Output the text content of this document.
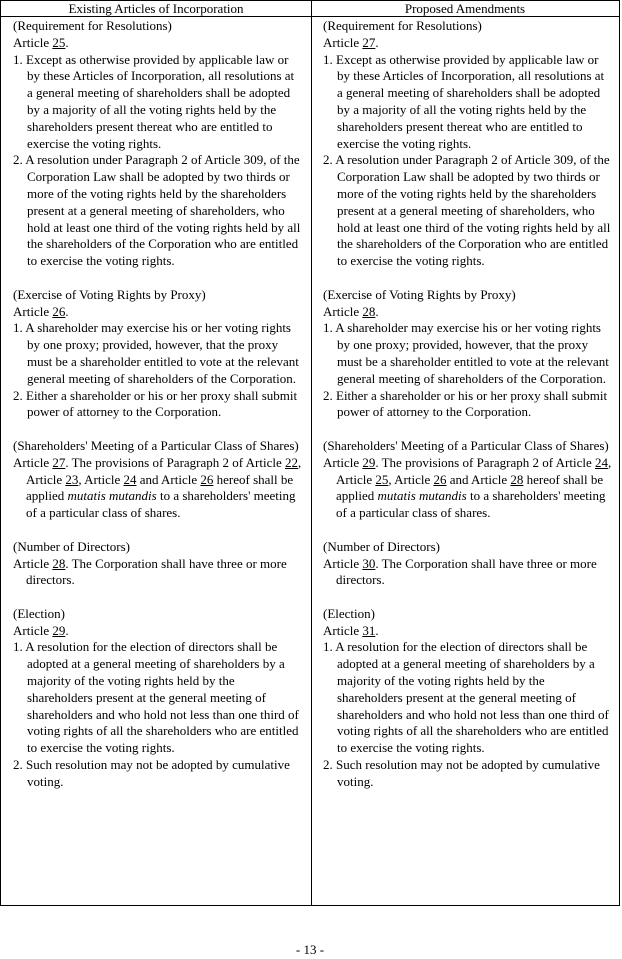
Existing Articles of Incorporation	Proposed Amendments
(Requirement for Resolutions)
Article 25.
1. Except as otherwise provided by applicable law or by these Articles of Incorporation, all resolutions at a general meeting of shareholders shall be adopted by a majority of all the voting rights held by the shareholders present thereat who are entitled to exercise the voting rights.
2. A resolution under Paragraph 2 of Article 309, of the Corporation Law shall be adopted by two thirds or more of the voting rights held by the shareholders present at a general meeting of shareholders, who hold at least one third of the voting rights held by all the shareholders of the Corporation who are entitled to exercise the voting rights.
(Exercise of Voting Rights by Proxy)
Article 26.
1. A shareholder may exercise his or her voting rights by one proxy; provided, however, that the proxy must be a shareholder entitled to vote at the relevant general meeting of shareholders of the Corporation.
2. Either a shareholder or his or her proxy shall submit power of attorney to the Corporation.
(Shareholders' Meeting of a Particular Class of Shares)
Article 27. The provisions of Paragraph 2 of Article 22, Article 23, Article 24 and Article 26 hereof shall be applied mutatis mutandis to a shareholders' meeting of a particular class of shares.
(Number of Directors)
Article 28. The Corporation shall have three or more directors.
(Election)
Article 29.
1. A resolution for the election of directors shall be adopted at a general meeting of shareholders by a majority of the voting rights held by the shareholders present at the general meeting of shareholders and who hold not less than one third of voting rights of all the shareholders who are entitled to exercise the voting rights.
2. Such resolution may not be adopted by cumulative voting.
(Requirement for Resolutions)
Article 27.
1. Except as otherwise provided by applicable law or by these Articles of Incorporation, all resolutions at a general meeting of shareholders shall be adopted by a majority of all the voting rights held by the shareholders present thereat who are entitled to exercise the voting rights.
2. A resolution under Paragraph 2 of Article 309, of the Corporation Law shall be adopted by two thirds or more of the voting rights held by the shareholders present at a general meeting of shareholders, who hold at least one third of the voting rights held by all the shareholders of the Corporation who are entitled to exercise the voting rights.
(Exercise of Voting Rights by Proxy)
Article 28.
1. A shareholder may exercise his or her voting rights by one proxy; provided, however, that the proxy must be a shareholder entitled to vote at the relevant general meeting of shareholders of the Corporation.
2. Either a shareholder or his or her proxy shall submit power of attorney to the Corporation.
(Shareholders' Meeting of a Particular Class of Shares)
Article 29. The provisions of Paragraph 2 of Article 24, Article 25, Article 26 and Article 28 hereof shall be applied mutatis mutandis to a shareholders' meeting of a particular class of shares.
(Number of Directors)
Article 30. The Corporation shall have three or more directors.
(Election)
Article 31.
1. A resolution for the election of directors shall be adopted at a general meeting of shareholders by a majority of the voting rights held by the shareholders present at the general meeting of shareholders and who hold not less than one third of voting rights of all the shareholders who are entitled to exercise the voting rights.
2. Such resolution may not be adopted by cumulative voting.
- 13 -
